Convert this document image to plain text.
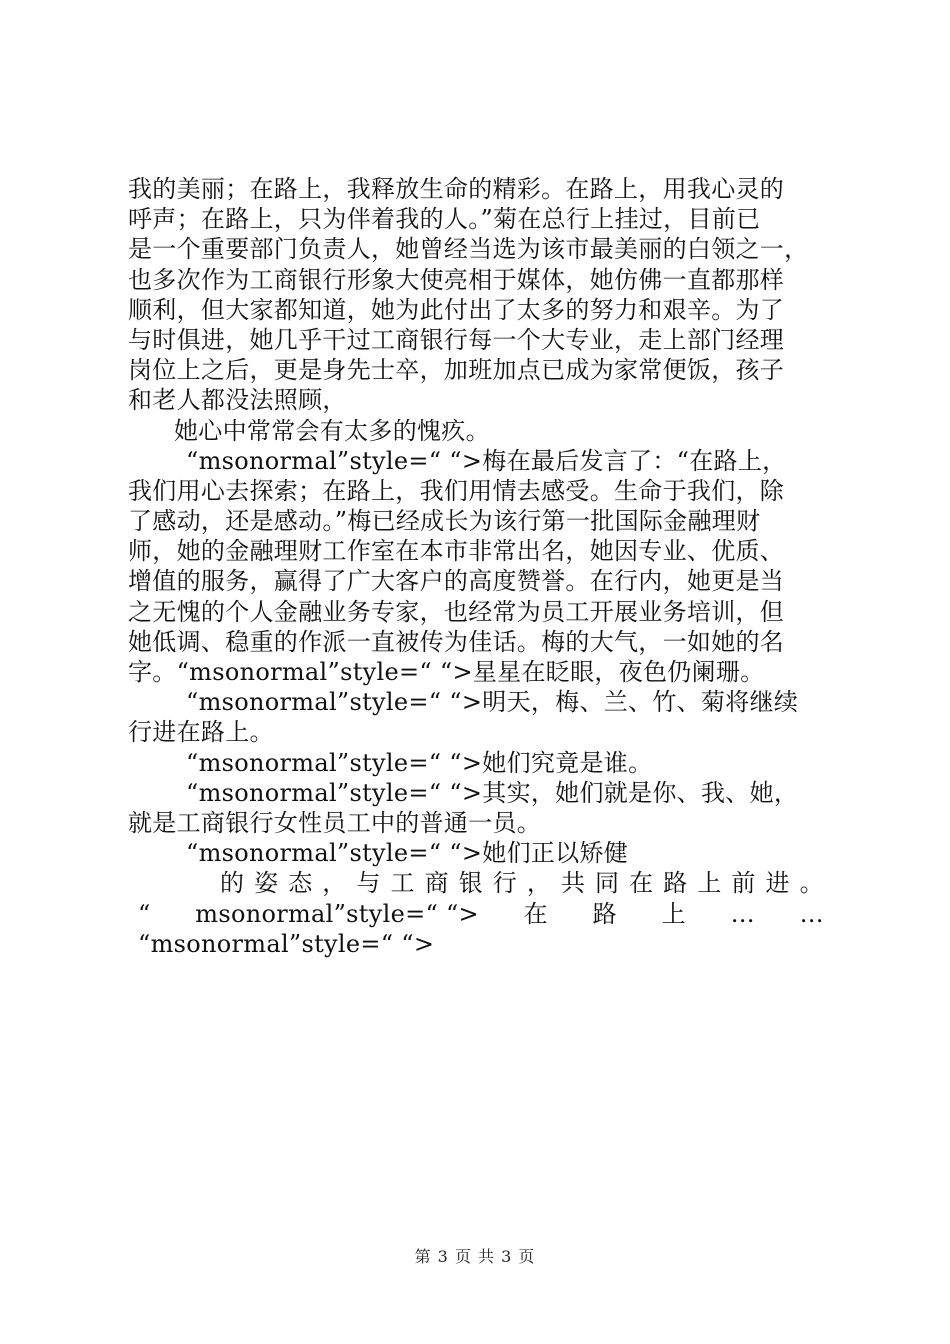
我的美丽；在路上，我释放生命的精彩。在路上，用我心灵的
呼声；在路上，只为伴着我的人。”菊在总行上挂过，目前已
是一个重要部门负责人，她曾经当选为该市最美丽的白领之一，
也多次作为工商银行形象大使亮相于媒体，她仿佛一直都那样
顺利，但大家都知道，她为此付出了太多的努力和艰辛。为了
与时俱进，她几乎干过工商银行每一个大专业，走上部门经理
岗位上之后，更是身先士卒，加班加点已成为家常便饭，孩子
和老人都没法照顾，
她心中常常会有太多的愧疚。
“msonormal”style=“ “>梅在最后发言了：“在路上，
我们用心去探索；在路上，我们用情去感受。生命于我们，除
了感动，还是感动。”梅已经成长为该行第一批国际金融理财
师，她的金融理财工作室在本市非常出名，她因专业、优质、
增值的服务，赢得了广大客户的高度赞誉。在行内，她更是当
之无愧的个人金融业务专家，也经常为员工开展业务培训，但
她低调、稳重的作派一直被传为佳话。梅的大气，一如她的名
字。“msonormal”style=“ “>星星在眨眼，夜色仍阑珊。
“msonormal”style=“ “>明天，梅、兰、竹、菊将继续
行进在路上。
“msonormal”style=“ “>她们究竟是谁。
“msonormal”style=“ “>其实，她们就是你、我、她，
就是工商银行女性员工中的普通一员。
“msonormal”style=“ “>她们正以矫健
的 姿 态 ， 与 工 商 银 行 ， 共 同 在 路 上 前 进 。
“ msonormal”style=“ “> 在 路 上 … …
“msonormal”style=“ “>
第 3 页 共 3 页
